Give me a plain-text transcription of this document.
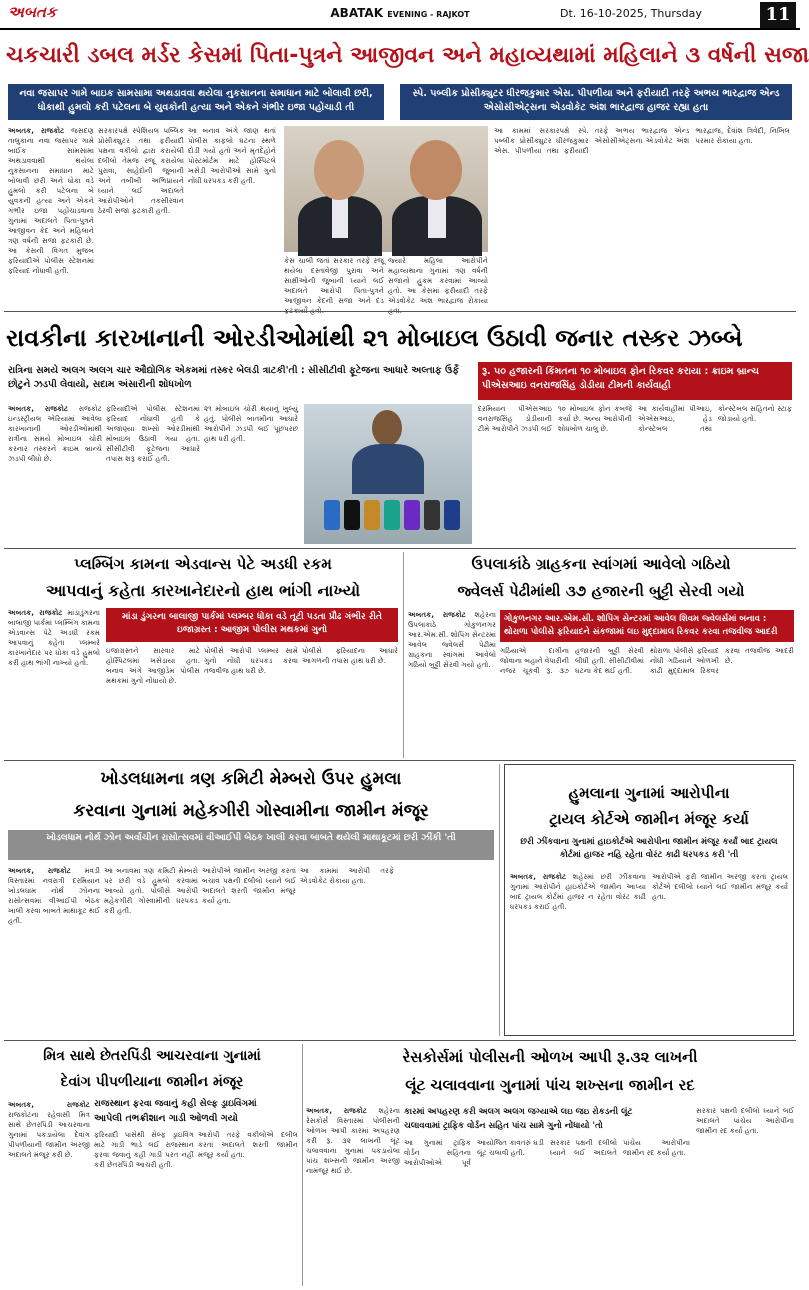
અબતક	ABATAK EVENING - RAJKOT	Dt. 16-10-2025, Thursday	11
ચકચારી ડબલ મર્ડર કેસમાં પિતા-પુત્રને આજીવન અને મહાવ્યથામાં મહિલાને ૩ વર્ષની સજા
નવા જસાપર ગામે બાઇક સામસામા અથડાવવા થયેલા નુકસાનના સમાધાન માટે બોલાવી છરી, ધોકાથી હુમલો કરી પટેલના બે યુવકોની હત્યા અને એકને ગંભીર ઇજા પહોંચાડી તી
સ્પે. પબ્લીક પ્રોસીક્યુટર ધીરજકુમાર એસ. પીપળીયા અને ફરીયાદી તરફે અભય ભારદ્વાજ એન્ડ એસોસીએટ્સના એડવોકેટ અંશ ભારદ્વાજ હાજર રહ્યા હતા
અબતક, રાજકોટ જસદણ તાલુકાના નવા જસાપર ગામે બાઈક સામસામા અથડાવવાથી થયેલા નુકસાનના સમાધાન માટે બોલાવી છરી અને ધોકા વડે હુમલો કરી પટેલના બે યુવકની હત્યા અને એકને ગંભીર ઇજા પહોંચાડવાના ગુનામાં અદાલતે પિતા-પુત્રને આજીવન કેદ અને મહિલાને ત્રણ વર્ષની સજા ફટકારી છે. આ કેસની વિગત મુજબ ફરિયાદીએ પોલીસ સ્ટેશનમાં ફરિયાદ નોંધાવી હતી.
સરકારપક્ષે સ્પેશિયલ પબ્લિક પ્રોસીક્યુટર તથા ફરીયાદી પક્ષના વકીલો દ્વારા કરાયેલી દલીલો તેમજ રજૂ કરાયેલા પુરાવા, સાહેદોની જુબાની અને તબીબી અભિપ્રાયને ધ્યાને લઈ અદાલતે આરોપીઓને તકસીરવાન ઠેરવી સજા ફટકારી હતી.
આ બનાવ અંગે જાણ થતાં પોલીસ કાફલો ઘટના સ્થળે દોડી ગયો હતો અને મૃતદેહોને પોસ્ટમોર્ટમ માટે હોસ્પિટલે ખસેડી આરોપીઓ સામે ગુનો નોંધી ધરપકડ કરી હતી.
કેસ ચાલી જતાં સરકાર તરફે રજૂ થયેલા દસ્તાવેજી પુરાવા અને સાક્ષીઓની જુબાની ધ્યાને લઈ અદાલતે આરોપી પિતા-પુત્રને આજીવન કેદની સજા અને દંડ
જ્યારે મહિલા આરોપીને મહાવ્યથાના ગુનામાં ત્રણ વર્ષની સજાનો હુકમ કરવામાં આવ્યો હતો. આ કેસમાં ફરીયાદી તરફે એડવોકેટ અંશ ભારદ્વાજ રોકાયા
આ કામમાં સરકારપક્ષે સ્પે. પબ્લીક પ્રોસીક્યુટર ધીરજકુમાર એસ. પીપળીયા તથા ફરીયાદી તરફે અભય ભારદ્વાજ એન્ડ એસોસીએટ્સના એડવોકેટ અંશ ભારદ્વાજ, દેવાંશ ત્રિવેદી, નિખિલ પરમાર રોકાયા હતા.
રાવકીના કારખાનાની ઓરડીઓમાંથી ૨૧ મોબાઇલ ઉઠાવી જનાર તસ્કર ઝબ્બે
રાત્રિના સમયે અલગ અલગ ચાર ઔદ્યોગિક એકમમાં તસ્કર બેલડી ત્રાટકી'તી : સીસીટીવી ફૂટેજના આધારે અલ્તાફ ઉર્ફે છોટુને ઝડપી લેવાયો, સદામ અંસારીની શોધખોળ
રૂ. ૫૦ હજારની કિંમતના ૧૦ મોબાઇલ ફોન રિકવર કરાયા : ક્રાઇમ બ્રાન્ચ પીએસઆઇ વનરાજસિંહ ડોડીયા ટીમની કાર્યવાહી
અબતક, રાજકોટ રાજકોટ ઇન્ડસ્ટ્રીયલ એરિયામાં આવેલા કારખાનાની ઓરડીઓમાંથી રાત્રીના સમયે મોબાઇલ ચોરી કરનાર તસ્કરને ક્રાઇમ બ્રાન્ચે ઝડપી લીધો છે.
ફરિયાદીએ પોલીસ સ્ટેશનમાં ફરિયાદ નોંધાવી હતી કે અજાણ્યા શખ્સો ઓરડીમાંથી મોબાઇલ ઉઠાવી ગયા હતા. સીસીટીવી ફૂટેજના આધારે તપાસ શરૂ કરાઈ હતી.
૨૧ મોબાઇલ ચોરી થયાનું ખુલ્યું હતું. પોલીસે બાતમીના આધારે આરોપીને ઝડપી લઈ પૂછપરછ હાથ ધરી હતી.
દરમિયાન પીએસઆઇ વનરાજસિંહ ડોડીયાની ટીમે આરોપીને ઝડપી લઈ ૧૦ મોબાઇલ ફોન કબજે કર્યા છે. અન્ય આરોપીની શોધખોળ ચાલુ છે.
આ કાર્યવાહીમાં પીઆઇ, એએસઆઇ, હેડ કોન્સ્ટેબલ તથા કોન્સ્ટેબલ સહિતનો સ્ટાફ જોડાયો હતો.
પ્લમ્બિંગ કામના એડવાન્સ પેટે અડધી રકમ
આપવાનું કહેતા કારખાનેદારનો હાથ ભાંગી નાખ્યો
માંડા ડુંગરના બાલાજી પાર્કમાં પ્લમ્બર ધોકા વડે તૂટી પડતા પ્રૌઢ ગંભીર રીતે ઇજાગ્રસ્ત : આજીમ પોલીસ મથકમાં ગુનો
અબતક, રાજકોટ માંડાડુંગરના બાલાજી પાર્કમાં પ્લમ્બિંગ કામના એડવાન્સ પેટે અડધી રકમ આપવાનું કહેતા પ્લમ્બરે કારખાનેદાર પર ધોકા વડે હુમલો કરી હાથ ભાંગી નાખ્યો હતો.
ઇજાગ્રસ્તને સારવાર માટે હોસ્પિટલમાં ખસેડાયા હતા. બનાવ અંગે આજીડેમ પોલીસ મથકમાં ગુનો નોંધાયો છે.
પોલીસે આરોપી પ્લમ્બર સામે ગુનો નોંધી ધરપકડ કરવા તજવીજ હાથ ધરી છે.
પોલીસે ફરિયાદના આધારે આગળની તપાસ હાથ ધરી છે.
ઉપલાકાંઠે ગ્રાહકના સ્વાંગમાં આવેલો ગઠિયો
જ્વેલર્સ પેઢીમાંથી ૩૭ હજારની બુટ્ટી સેરવી ગયો
ગોકુળનગર આર.એમ.સી. શોપિંગ સેન્ટરમાં આવેલ શિવમ જ્વેલર્સમાં બનાવ : થોરાળા પોલીસે ફરિયાદને સંકજામાં લઇ મુદ્દામાલ રિકવર કરવા તજવીજ આદરી
અબતક, રાજકોટ શહેરના ઉપલાકાંઠે ગોકુળનગર આર.એમ.સી. શોપિંગ સેન્ટરમાં આવેલ જ્વેલર્સ પેઢીમાં ગ્રાહકના સ્વાંગમાં આવેલો ગઠિયો બુટ્ટી સેરવી ગયો હતો.
ગઠિયાએ દાગીના જોવાના બહાને વેપારીની નજર ચૂકવી રૂ. ૩૭ હજારની બુટ્ટી સેરવી લીધી હતી. સીસીટીવીમાં ઘટના કેદ થઈ હતી.
થોરાળા પોલીસે ફરિયાદ નોંધી ગઠિયાને ઓળખી કાઢી મુદ્દામાલ રિકવર કરવા તજવીજ આદરી છે.
ખોડલધામના ત્રણ કમિટી મેમ્બરો ઉપર હુમલા
કરવાના ગુનામાં મહેકગીરી ગોસ્વામીના જામીન મંજૂર
ખોડલધામ નોર્થ ઝોન અર્વાચીન રાસોત્સવમાં વીઆઈપી બેઠક ખાલી કરવા બાબતે થયેલી માથાકૂટમાં છરી ઝીંકી 'તી
અબતક, રાજકોટ મવડી વિસ્તારમાં નવરાત્રી દરમિયાન ખોડલધામ નોર્થ ઝોનના રાસોત્સવમાં વીઆઈપી બેઠક ખાલી કરવા બાબતે માથાકૂટ થઈ હતી.
આ બનાવમાં ત્રણ કમિટી મેમ્બરો પર છરી વડે હુમલો કરવામાં આવ્યો હતો. પોલીસે આરોપી મહેકગીરી ગોસ્વામીની ધરપકડ કરી હતી.
આરોપીએ જામીન અરજી કરતાં બચાવ પક્ષની દલીલો ધ્યાને લઈ અદાલતે શરતી જામીન મંજૂર કર્યા હતા.
આ કામમાં આરોપી તરફે એડવોકેટ રોકાયા હતા.
હુમલાના ગુનામાં આરોપીના
ટ્રાયલ કોર્ટએ જામીન મંજૂર કર્યા
છરી ઝીંકવાના ગુનામાં હાઇકોર્ટએ આરોપીના જામીન મંજૂર કર્યાં બાદ ટ્રાયલ કોર્ટમાં હાજર નહિ રહેતા વોરંટ કાઢી ધરપકડ કરી 'તી
અબતક, રાજકોટ શહેરમાં છરી ઝીંકવાના ગુનામાં આરોપીને હાઇકોર્ટએ જામીન આપ્યા બાદ ટ્રાયલ કોર્ટમાં હાજર ન રહેતા વોરંટ કાઢી ધરપકડ કરાઈ હતી.
આરોપીએ ફરી જામીન અરજી કરતા ટ્રાયલ કોર્ટએ દલીલો ધ્યાને લઈ જામીન મંજૂર કર્યા હતા.
મિત્ર સાથે છેતરપિંડી આચરવાના ગુનામાં
દેવાંગ પીપળીયાના જામીન મંજૂર
અબતક, રાજકોટ રાજકોટના રહેવાસી મિત્ર સાથે છેતરપિંડી આચરવાના ગુનામાં પકડાયેલા દેવાંગ પીપળીયાની જામીન અરજી અદાલતે મંજૂર કરી છે.
રાજસ્થાન ફરવા જવાનું કહી સેલ્ફ ડ્રાઇવિંગમાં
આપેલી તભક્રીશાન ગાડી ઓળવી ગયો
ફરિયાદી પાસેથી સેલ્ફ ડ્રાઇવિંગ માટે ગાડી ભાડે લઈ રાજસ્થાન ફરવા જવાનું કહી ગાડી પરત નહીં કરી છેતરપિંડી આચરી હતી.
આરોપી તરફે વકીલોએ દલીલ કરતાં અદાલતે શરતી જામીન મંજૂર કર્યા હતા.
રેસકોર્સમાં પોલીસની ઓળખ આપી રૂ.૩૨ લાખની
લૂંટ ચલાવવાના ગુનામાં પાંચ શખ્સના જામીન રદ
કારમાં અપહરણ કરી અલગ અલગ જગ્યાએ લઇ જઇ રોકડની લૂંટ
ચલાવવામાં ટ્રાફિક વોર્ડન સહિત પાંચ સામે ગુનો નોંધાયો 'તો
અબતક, રાજકોટ શહેરના રેસકોર્સ વિસ્તારમાં પોલીસની ઓળખ આપી કારમાં અપહરણ કરી રૂ. ૩૨ લાખની લૂંટ ચલાવવાના ગુનામાં પકડાયેલા પાંચ શખ્સની જામીન અરજી નામંજૂર થઈ છે.
આ ગુનામાં ટ્રાફિક વોર્ડન સહિતના આરોપીઓએ પૂર્વ આયોજિત કાવતરું ઘડી લૂંટ ચલાવી હતી.
સરકાર પક્ષની દલીલો ધ્યાને લઈ અદાલતે પાંચેય આરોપીના જામીન રદ કર્યા હતા.
સરકાર પક્ષની દલીલો ધ્યાને લઈ અદાલતે પાંચેય આરોપીના જામીન રદ કર્યા હતા.
